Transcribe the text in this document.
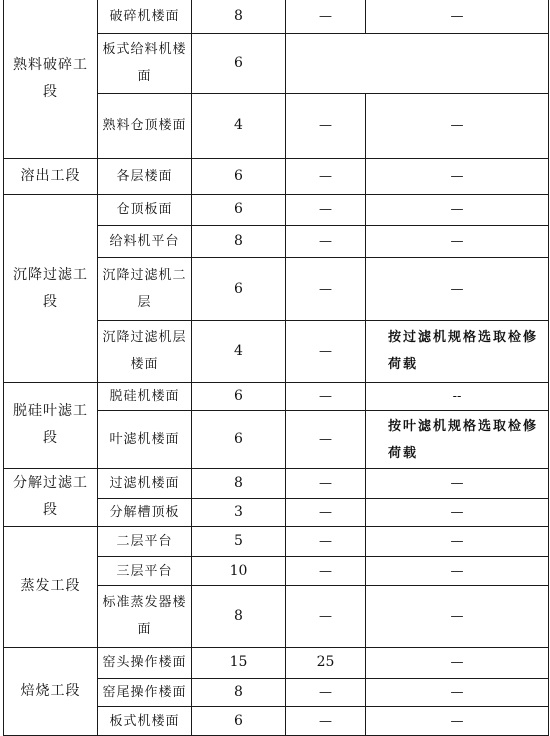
熟料破碎工段	破碎机楼面	8	—	—
	板式给料机楼面	6		
	熟料仓顶楼面	4	—	—
溶出工段	各层楼面	6	—	—
沉降过滤工段	仓顶板面	6	—	—
	给料机平台	8	—	—
	沉降过滤机二层	6	—	—
	沉降过滤机层楼面	4	—	按过滤机规格选取检修荷载
脱硅叶滤工段	脱硅机楼面	6	—	--
	叶滤机楼面	6	—	按叶滤机规格选取检修荷载
分解过滤工段	过滤机楼面	8	—	—
	分解槽顶板	3	—	—
蒸发工段	二层平台	5	—	—
	三层平台	10	—	—
	标准蒸发器楼面	8	—	—
焙烧工段	窑头操作楼面	15	25	—
	窑尾操作楼面	8	—	—
	板式机楼面	6	—	—
